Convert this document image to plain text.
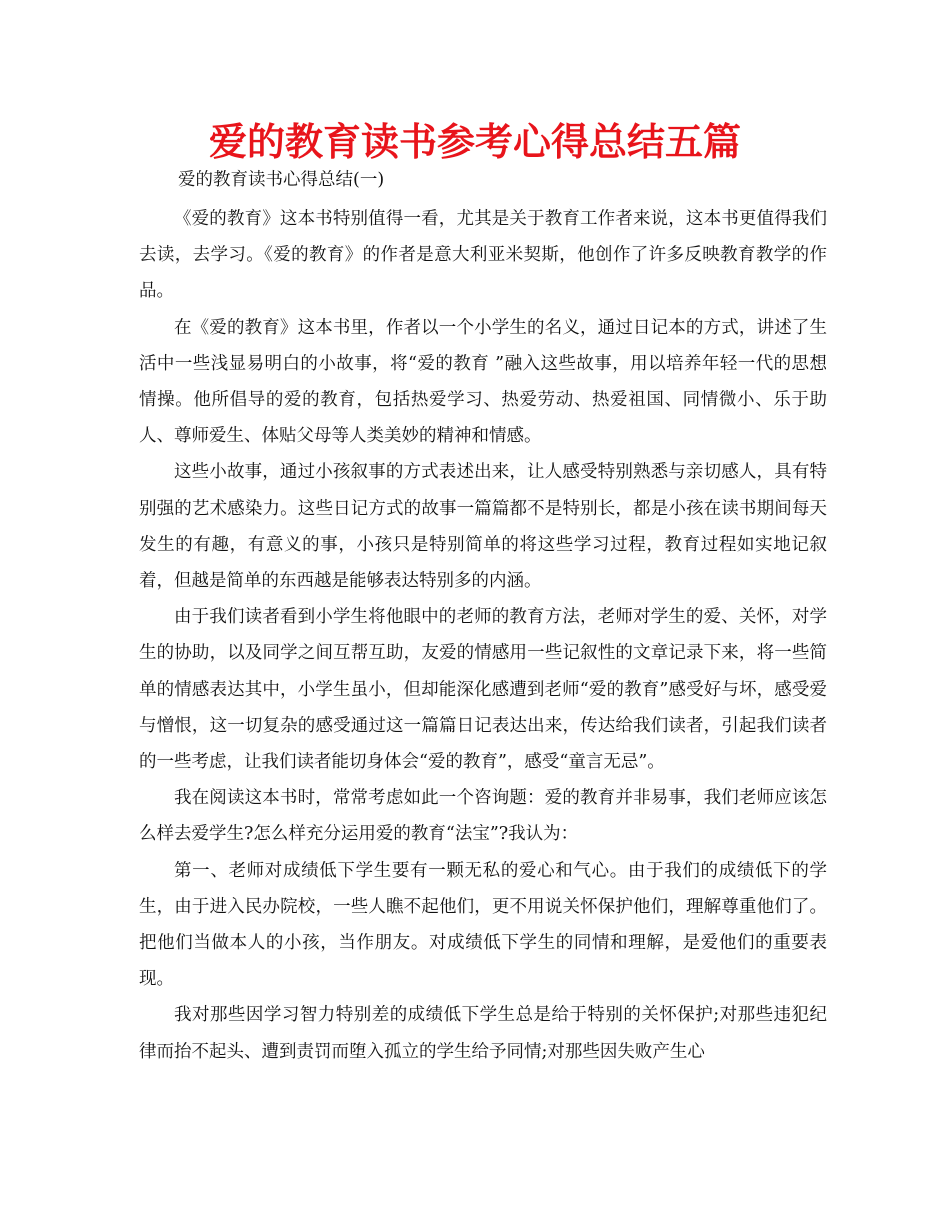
爱的教育读书参考心得总结五篇

爱的教育读书心得总结(一)

《爱的教育》这本书特别值得一看，尤其是关于教育工作者来说，这本书更值得我们去读，去学习。《爱的教育》的作者是意大利亚米契斯，他创作了许多反映教育教学的作品。

在《爱的教育》这本书里，作者以一个小学生的名义，通过日记本的方式，讲述了生活中一些浅显易明白的小故事，将“爱的教育 ”融入这些故事，用以培养年轻一代的思想情操。他所倡导的爱的教育，包括热爱学习、热爱劳动、热爱祖国、同情微小、乐于助人、尊师爱生、体贴父母等人类美妙的精神和情感。

这些小故事，通过小孩叙事的方式表述出来，让人感受特别熟悉与亲切感人，具有特别强的艺术感染力。这些日记方式的故事一篇篇都不是特别长，都是小孩在读书期间每天发生的有趣，有意义的事，小孩只是特别简单的将这些学习过程，教育过程如实地记叙着，但越是简单的东西越是能够表达特别多的内涵。

由于我们读者看到小学生将他眼中的老师的教育方法，老师对学生的爱、关怀，对学生的协助，以及同学之间互帮互助，友爱的情感用一些记叙性的文章记录下来，将一些简单的情感表达其中，小学生虽小，但却能深化感遭到老师“爱的教育”感受好与坏，感受爱与憎恨，这一切复杂的感受通过这一篇篇日记表达出来，传达给我们读者，引起我们读者的一些考虑，让我们读者能切身体会“爱的教育”，感受“童言无忌”。

我在阅读这本书时，常常考虑如此一个咨询题：爱的教育并非易事，我们老师应该怎么样去爱学生?怎么样充分运用爱的教育“法宝”?我认为：

第一、老师对成绩低下学生要有一颗无私的爱心和气心。由于我们的成绩低下的学生，由于进入民办院校，一些人瞧不起他们，更不用说关怀保护他们，理解尊重他们了。把他们当做本人的小孩，当作朋友。对成绩低下学生的同情和理解，是爱他们的重要表现。

我对那些因学习智力特别差的成绩低下学生总是给于特别的关怀保护;对那些违犯纪律而抬不起头、遭到责罚而堕入孤立的学生给予同情;对那些因失败产生心
